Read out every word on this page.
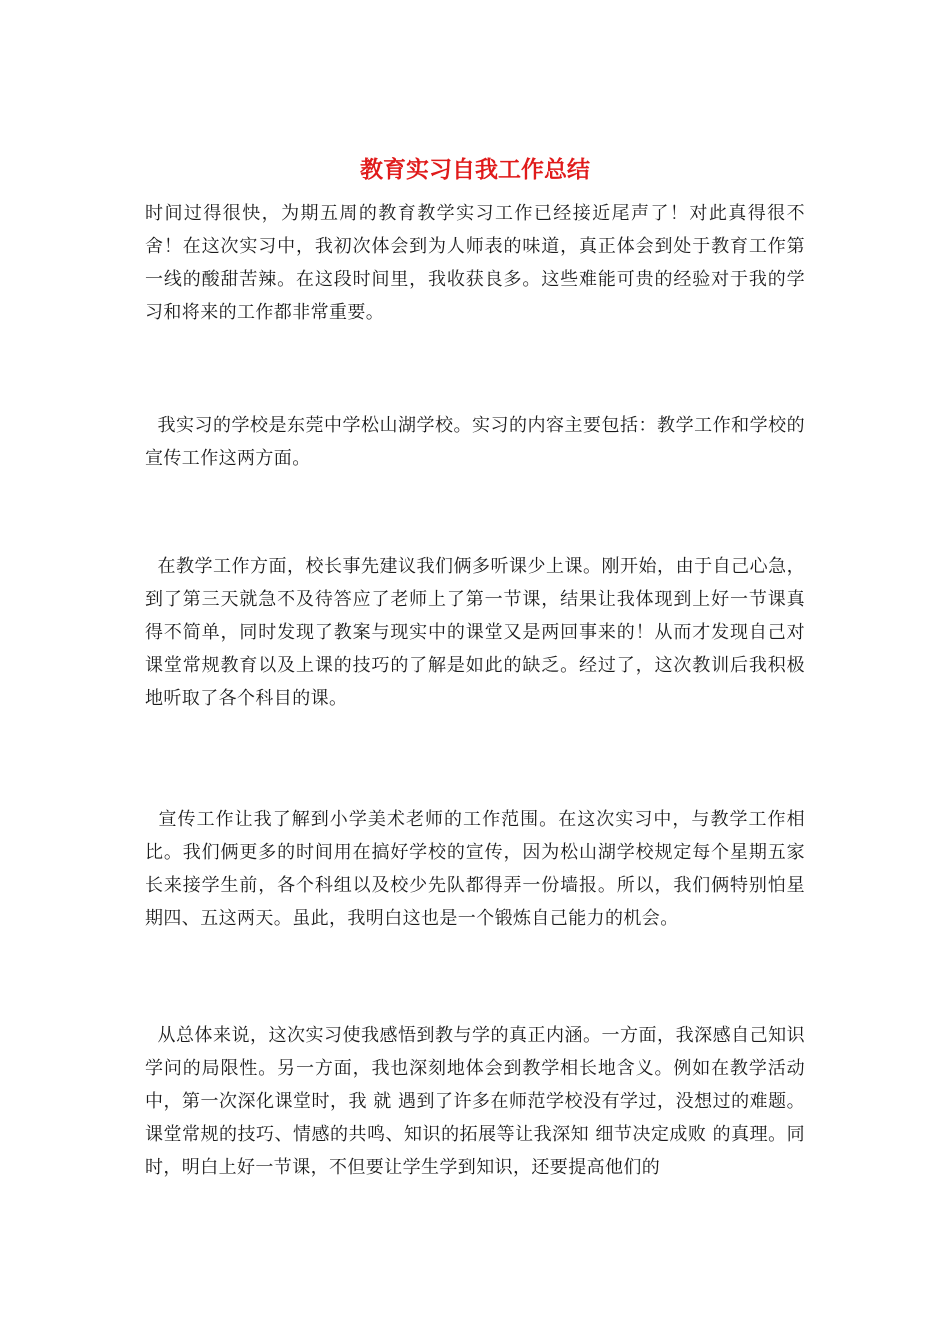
教育实习自我工作总结

时间过得很快，为期五周的教育教学实习工作已经接近尾声了！对此真得很不舍！在这次实习中，我初次体会到为人师表的味道，真正体会到处于教育工作第一线的酸甜苦辣。在这段时间里，我收获良多。这些难能可贵的经验对于我的学习和将来的工作都非常重要。

我实习的学校是东莞中学松山湖学校。实习的内容主要包括：教学工作和学校的宣传工作这两方面。

在教学工作方面，校长事先建议我们俩多听课少上课。刚开始，由于自己心急，到了第三天就急不及待答应了老师上了第一节课，结果让我体现到上好一节课真得不简单，同时发现了教案与现实中的课堂又是两回事来的！从而才发现自己对课堂常规教育以及上课的技巧的了解是如此的缺乏。经过了，这次教训后我积极地听取了各个科目的课。

宣传工作让我了解到小学美术老师的工作范围。在这次实习中，与教学工作相比。我们俩更多的时间用在搞好学校的宣传，因为松山湖学校规定每个星期五家长来接学生前，各个科组以及校少先队都得弄一份墙报。所以，我们俩特别怕星期四、五这两天。虽此，我明白这也是一个锻炼自己能力的机会。

从总体来说，这次实习使我感悟到教与学的真正内涵。一方面，我深感自己知识学问的局限性。另一方面，我也深刻地体会到教学相长地含义。例如在教学活动中，第一次深化课堂时，我 就 遇到了许多在师范学校没有学过，没想过的难题。课堂常规的技巧、情感的共鸣、知识的拓展等让我深知 细节决定成败 的真理。同时，明白上好一节课，不但要让学生学到知识，还要提高他们的
